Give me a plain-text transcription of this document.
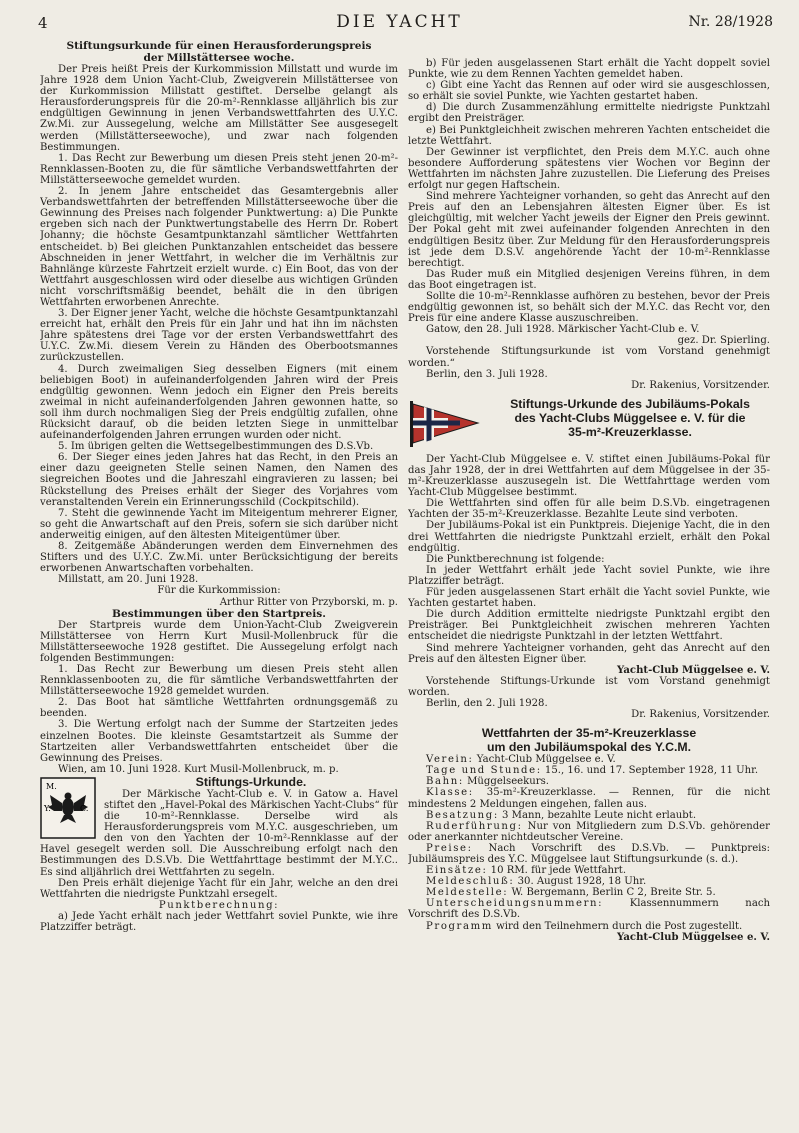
4	DIE YACHT	Nr. 28/1928

Stiftungsurkunde für einen Herausforderungspreis

der Millstättersee woche.

Der Preis heißt Preis der Kurkommission Millstatt und wurde im Jahre 1928 dem Union Yacht-Club, Zweigverein Millstättersee von der Kurkommission Millstatt gestiftet. Derselbe gelangt als Herausforderungspreis für die 20-m²-Rennklasse alljährlich bis zur endgültigen Gewinnung in jenen Verbandswettfahrten des U.Y.C. Zw.Mi. zur Aussegelung, welche am Millstätter See ausgesegelt werden (Millstätterseewoche), und zwar nach folgenden Bestimmungen.

1. Das Recht zur Bewerbung um diesen Preis steht jenen 20-m²-Rennklassen-Booten zu, die für sämtliche Verbandswettfahrten der Millstätterseewoche gemeldet wurden.

2. In jenem Jahre entscheidet das Gesamtergebnis aller Verbandswettfahrten der betreffenden Millstätterseewoche über die Gewinnung des Preises nach folgender Punktwertung: a) Die Punkte ergeben sich nach der Punktwertungstabelle des Herrn Dr. Robert Johanny; die höchste Gesamtpunktanzahl sämtlicher Wettfahrten entscheidet. b) Bei gleichen Punktanzahlen entscheidet das bessere Abschneiden in jener Wettfahrt, in welcher die im Verhältnis zur Bahnlänge kürzeste Fahrtzeit erzielt wurde. c) Ein Boot, das von der Wettfahrt ausgeschlossen wird oder dieselbe aus wichtigen Gründen nicht vorschriftsmäßig beendet, behält die in den übrigen Wettfahrten erworbenen Anrechte.

3. Der Eigner jener Yacht, welche die höchste Gesamtpunktanzahl erreicht hat, erhält den Preis für ein Jahr und hat ihn im nächsten Jahre spätestens drei Tage vor der ersten Verbandswettfahrt des U.Y.C. Zw.Mi. diesem Verein zu Händen des Oberbootsmannes zurückzustellen.

4. Durch zweimaligen Sieg desselben Eigners (mit einem beliebigen Boot) in aufeinanderfolgenden Jahren wird der Preis endgültig gewonnen. Wenn jedoch ein Eigner den Preis bereits zweimal in nicht aufeinanderfolgenden Jahren gewonnen hatte, so soll ihm durch nochmaligen Sieg der Preis endgültig zufallen, ohne Rücksicht darauf, ob die beiden letzten Siege in unmittelbar aufeinanderfolgenden Jahren errungen wurden oder nicht.

5. Im übrigen gelten die Wettsegelbestimmungen des D.S.Vb.

6. Der Sieger eines jeden Jahres hat das Recht, in den Preis an einer dazu geeigneten Stelle seinen Namen, den Namen des siegreichen Bootes und die Jahreszahl eingravieren zu lassen; bei Rückstellung des Preises erhält der Sieger des Vorjahres vom veranstaltenden Verein ein Erinnerungsschild (Cockpitschild).

7. Steht die gewinnende Yacht im Miteigentum mehrerer Eigner, so geht die Anwartschaft auf den Preis, sofern sie sich darüber nicht anderweitig einigen, auf den ältesten Miteigentümer über.

8. Zeitgemäße Abänderungen werden dem Einvernehmen des Stifters und des U.Y.C. Zw.Mi. unter Berücksichtigung der bereits erworbenen Anwartschaften vorbehalten.

Millstatt, am 20. Juni 1928.

Für die Kurkommission:

Arthur Ritter von Przyborski, m. p.

Bestimmungen über den Startpreis.

Der Startpreis wurde dem Union-Yacht-Club Zweigverein Millstättersee von Herrn Kurt Musil-Mollenbruck für die Millstätterseewoche 1928 gestiftet. Die Aussegelung erfolgt nach folgenden Bestimmungen:

1. Das Recht zur Bewerbung um diesen Preis steht allen Rennklassenbooten zu, die für sämtliche Verbandswettfahrten der Millstätterseewoche 1928 gemeldet wurden.

2. Das Boot hat sämtliche Wettfahrten ordnungsgemäß zu beenden.

3. Die Wertung erfolgt nach der Summe der Startzeiten jedes einzelnen Bootes. Die kleinste Gesamtstartzeit als Summe der Startzeiten aller Verbandswettfahrten entscheidet über die Gewinnung des Preises.

Wien, am 10. Juni 1928. Kurt Musil-Mollenbruck, m. p.

M.
Y.	C.

Stiftungs-Urkunde.

Der Märkische Yacht-Club e. V. in Gatow a. Havel stiftet den „Havel-Pokal des Märkischen Yacht-Clubs“ für die 10-m²-Rennklasse. Derselbe wird als Herausforderungspreis vom M.Y.C. ausgeschrieben, um den von den Yachten der 10-m²-Rennklasse auf der Havel gesegelt werden soll. Die Ausschreibung erfolgt nach den Bestimmungen des D.S.Vb. Die Wettfahrttage bestimmt der M.Y.C.. Es sind alljährlich drei Wettfahrten zu segeln.

Den Preis erhält diejenige Yacht für ein Jahr, welche an den drei Wettfahrten die niedrigste Punktzahl ersegelt.

Punktberechnung:

a) Jede Yacht erhält nach jeder Wettfahrt soviel Punkte, wie ihre Platzziffer beträgt.

b) Für jeden ausgelassenen Start erhält die Yacht doppelt soviel Punkte, wie zu dem Rennen Yachten gemeldet haben.

c) Gibt eine Yacht das Rennen auf oder wird sie ausgeschlossen, so erhält sie soviel Punkte, wie Yachten gestartet haben.

d) Die durch Zusammenzählung ermittelte niedrigste Punktzahl ergibt den Preisträger.

e) Bei Punktgleichheit zwischen mehreren Yachten entscheidet die letzte Wettfahrt.

Der Gewinner ist verpflichtet, den Preis dem M.Y.C. auch ohne besondere Aufforderung spätestens vier Wochen vor Beginn der Wettfahrten im nächsten Jahre zuzustellen. Die Lieferung des Preises erfolgt nur gegen Haftschein.

Sind mehrere Yachteigner vorhanden, so geht das Anrecht auf den Preis auf den an Lebensjahren ältesten Eigner über. Es ist gleichgültig, mit welcher Yacht jeweils der Eigner den Preis gewinnt. Der Pokal geht mit zwei aufeinander folgenden Anrechten in den endgültigen Besitz über. Zur Meldung für den Herausforderungspreis ist jede dem D.S.V. angehörende Yacht der 10-m²-Rennklasse berechtigt.

Das Ruder muß ein Mitglied desjenigen Vereins führen, in dem das Boot eingetragen ist.

Sollte die 10-m²-Rennklasse aufhören zu bestehen, bevor der Preis endgültig gewonnen ist, so behält sich der M.Y.C. das Recht vor, den Preis für eine andere Klasse auszuschreiben.

Gatow, den 28. Juli 1928. Märkischer Yacht-Club e. V.

gez. Dr. Spierling.

Vorstehende Stiftungsurkunde ist vom Vorstand genehmigt worden.“

Berlin, den 3. Juli 1928.

Dr. Rakenius, Vorsitzender.

Stiftungs-Urkunde des Jubiläums-Pokals

des Yacht-Clubs Müggelsee e. V. für die

35-m²-Kreuzerklasse.

Der Yacht-Club Müggelsee e. V. stiftet einen Jubiläums-Pokal für das Jahr 1928, der in drei Wettfahrten auf dem Müggelsee in der 35-m²-Kreuzerklasse auszusegeln ist. Die Wettfahrttage werden vom Yacht-Club Müggelsee bestimmt.

Die Wettfahrten sind offen für alle beim D.S.Vb. eingetragenen Yachten der 35-m²-Kreuzerklasse. Bezahlte Leute sind verboten.

Der Jubiläums-Pokal ist ein Punktpreis. Diejenige Yacht, die in den drei Wettfahrten die niedrigste Punktzahl erzielt, erhält den Pokal endgültig.

Die Punktberechnung ist folgende:

In jeder Wettfahrt erhält jede Yacht soviel Punkte, wie ihre Platzziffer beträgt.

Für jeden ausgelassenen Start erhält die Yacht soviel Punkte, wie Yachten gestartet haben.

Die durch Addition ermittelte niedrigste Punktzahl ergibt den Preisträger. Bei Punktgleichheit zwischen mehreren Yachten entscheidet die niedrigste Punktzahl in der letzten Wettfahrt.

Sind mehrere Yachteigner vorhanden, geht das Anrecht auf den Preis auf den ältesten Eigner über.

Yacht-Club Müggelsee e. V.

Vorstehende Stiftungs-Urkunde ist vom Vorstand genehmigt worden.

Berlin, den 2. Juli 1928.

Dr. Rakenius, Vorsitzender.

Wettfahrten der 35-m²-Kreuzerklasse

um den Jubiläumspokal des Y.C.M.

Verein: Yacht-Club Müggelsee e. V.

Tage und Stunde: 15., 16. und 17. September 1928, 11 Uhr.

Bahn: Müggelseekurs.

Klasse: 35-m²-Kreuzerklasse. — Rennen, für die nicht mindestens 2 Meldungen eingehen, fallen aus.

Besatzung: 3 Mann, bezahlte Leute nicht erlaubt.

Ruderführung: Nur von Mitgliedern zum D.S.Vb. gehörender oder anerkannter nichtdeutscher Vereine.

Preise: Nach Vorschrift des D.S.Vb. — Punktpreis: Jubiläumspreis des Y.C. Müggelsee laut Stiftungsurkunde (s. d.).

Einsätze: 10 RM. für jede Wettfahrt.

Meldeschluß: 30. August 1928, 18 Uhr.

Meldestelle: W. Bergemann, Berlin C 2, Breite Str. 5.

Unterscheidungsnummern:	Klassennummern nach Vorschrift des D.S.Vb.

Programm wird den Teilnehmern durch die Post zugestellt.

Yacht-Club Müggelsee e. V.
